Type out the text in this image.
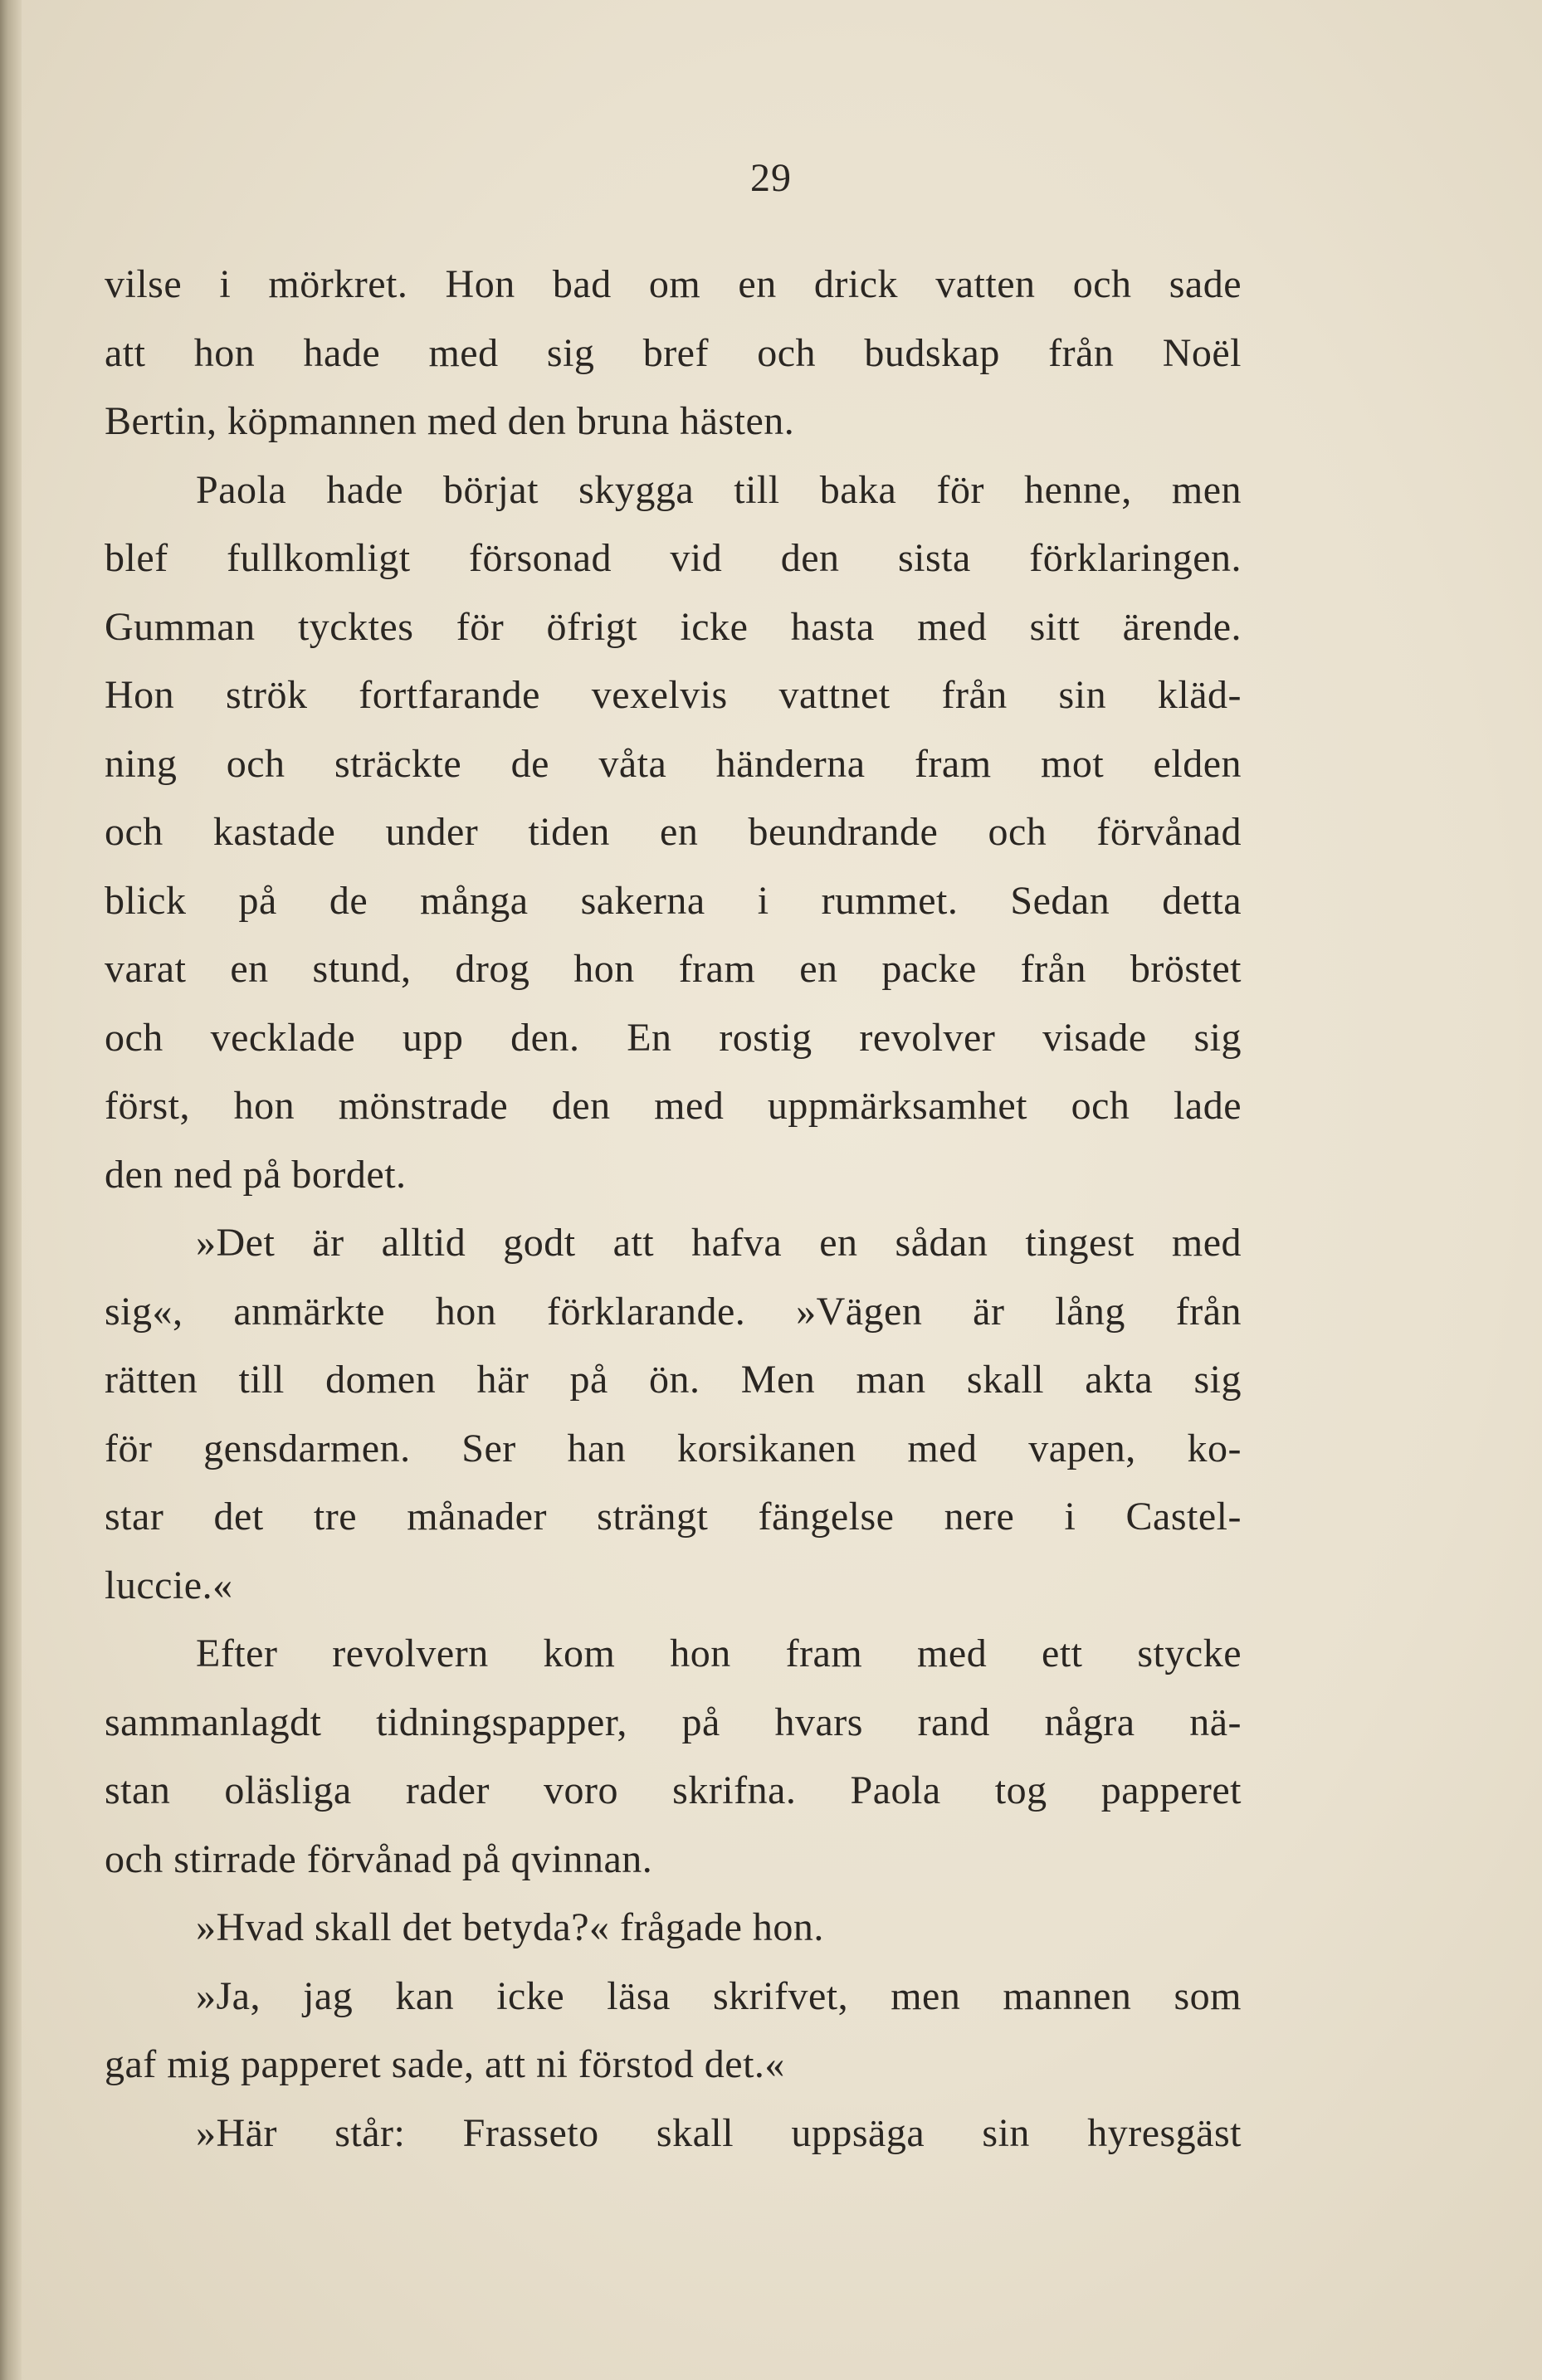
29
vilse i mörkret. Hon bad om en drick vatten och sade
att hon hade med sig bref och budskap från Noël
Bertin, köpmannen med den bruna hästen.
Paola hade börjat skygga till baka för henne, men
blef fullkomligt försonad vid den sista förklaringen.
Gumman tycktes för öfrigt icke hasta med sitt ärende.
Hon strök fortfarande vexelvis vattnet från sin kläd-
ning och sträckte de våta händerna fram mot elden
och kastade under tiden en beundrande och förvånad
blick på de många sakerna i rummet. Sedan detta
varat en stund, drog hon fram en packe från bröstet
och vecklade upp den. En rostig revolver visade sig
först, hon mönstrade den med uppmärksamhet och lade
den ned på bordet.
»Det är alltid godt att hafva en sådan tingest med
sig«, anmärkte hon förklarande. »Vägen är lång från
rätten till domen här på ön. Men man skall akta sig
för gensdarmen. Ser han korsikanen med vapen, ko-
star det tre månader strängt fängelse nere i Castel-
luccie.«
Efter revolvern kom hon fram med ett stycke
sammanlagdt tidningspapper, på hvars rand några nä-
stan oläsliga rader voro skrifna. Paola tog papperet
och stirrade förvånad på qvinnan.
»Hvad skall det betyda?« frågade hon.
»Ja, jag kan icke läsa skrifvet, men mannen som
gaf mig papperet sade, att ni förstod det.«
»Här står: Frasseto skall uppsäga sin hyresgäst
